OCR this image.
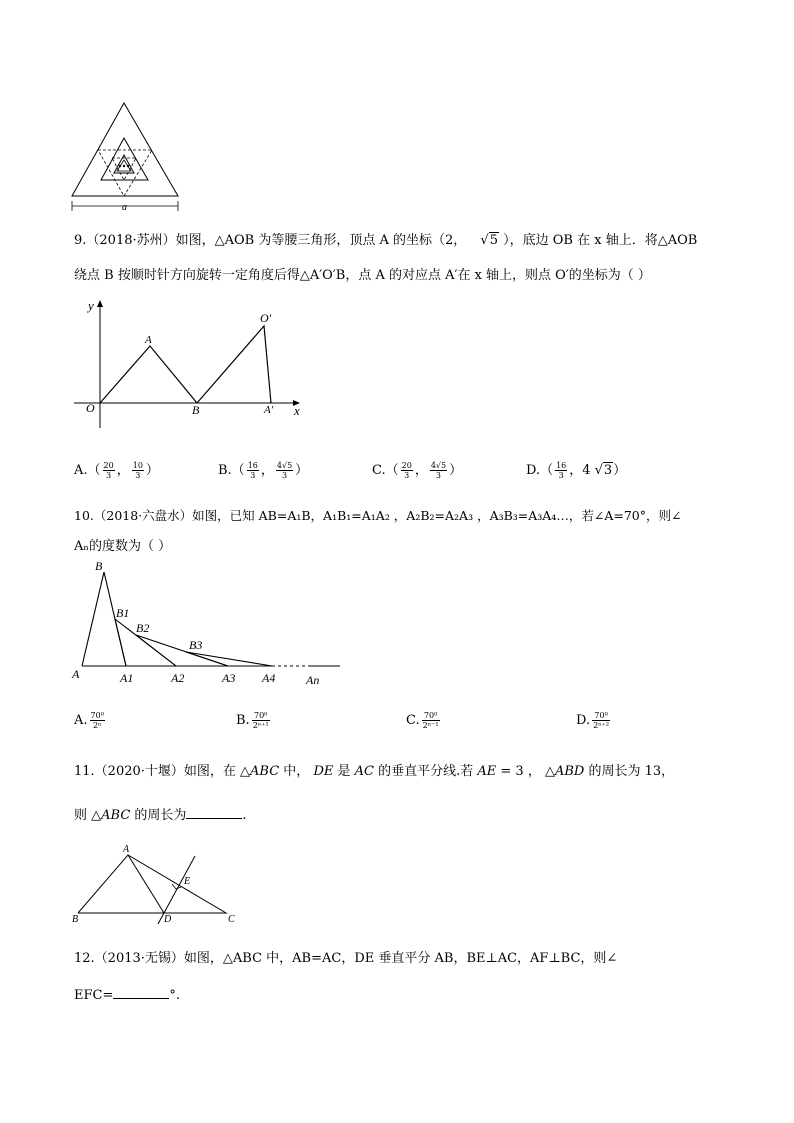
a
9.（2018·苏州）如图，△AOB 为等腰三角形，顶点 A 的坐标（2， √5 ），底边 OB 在 x 轴上．将△AOB
绕点 B 按顺时针方向旋转一定角度后得△A′O′B，点 A 的对应点 A′在 x 轴上，则点 O′的坐标为（ ）
y
x
O
A
B	A′
O′
$A.( \frac{20}{3}$ ， $\frac{10}{3}$ ）	$B.( \frac{16}{3}$ ， $\frac{4√5}{3}$ ）	$C.( \frac{20}{3}$ ， $\frac{4√5}{3}$ ）	$D.( \frac{16}{3}$ ，4 √3）
10.（2018·六盘水）如图，已知 AB=A₁B，A₁B₁=A₁A₂ ，A₂B₂=A₂A₃ ，A₃B₃=A₃A₄…，若∠A=70°，则∠
Aₙ的度数为（ ）
B
B1
B2
B3
A	A1	A2	A3 A4	An
A. $\frac{\text{70⁰}}{\text{2ⁿ}}$	B. $\frac{\text{70⁰}}{\text{2ⁿ⁺¹}}$	C. $\frac{\text{70⁰}}{\text{2ⁿ⁻¹}}$	D. $\frac{\text{70⁰}}{\text{2ⁿ⁺²}}$
11.（2020·十堰）如图，在 △ABC 中， DE 是 AC 的垂直平分线.若 AE = 3 ， △ABD 的周长为 13，
则 △ABC 的周长为	.
A
B	C
D
E
12.（2013·无锡）如图，△ABC 中，AB=AC，DE 垂直平分 AB，BE⊥AC，AF⊥BC，则∠
EFC=	°.
